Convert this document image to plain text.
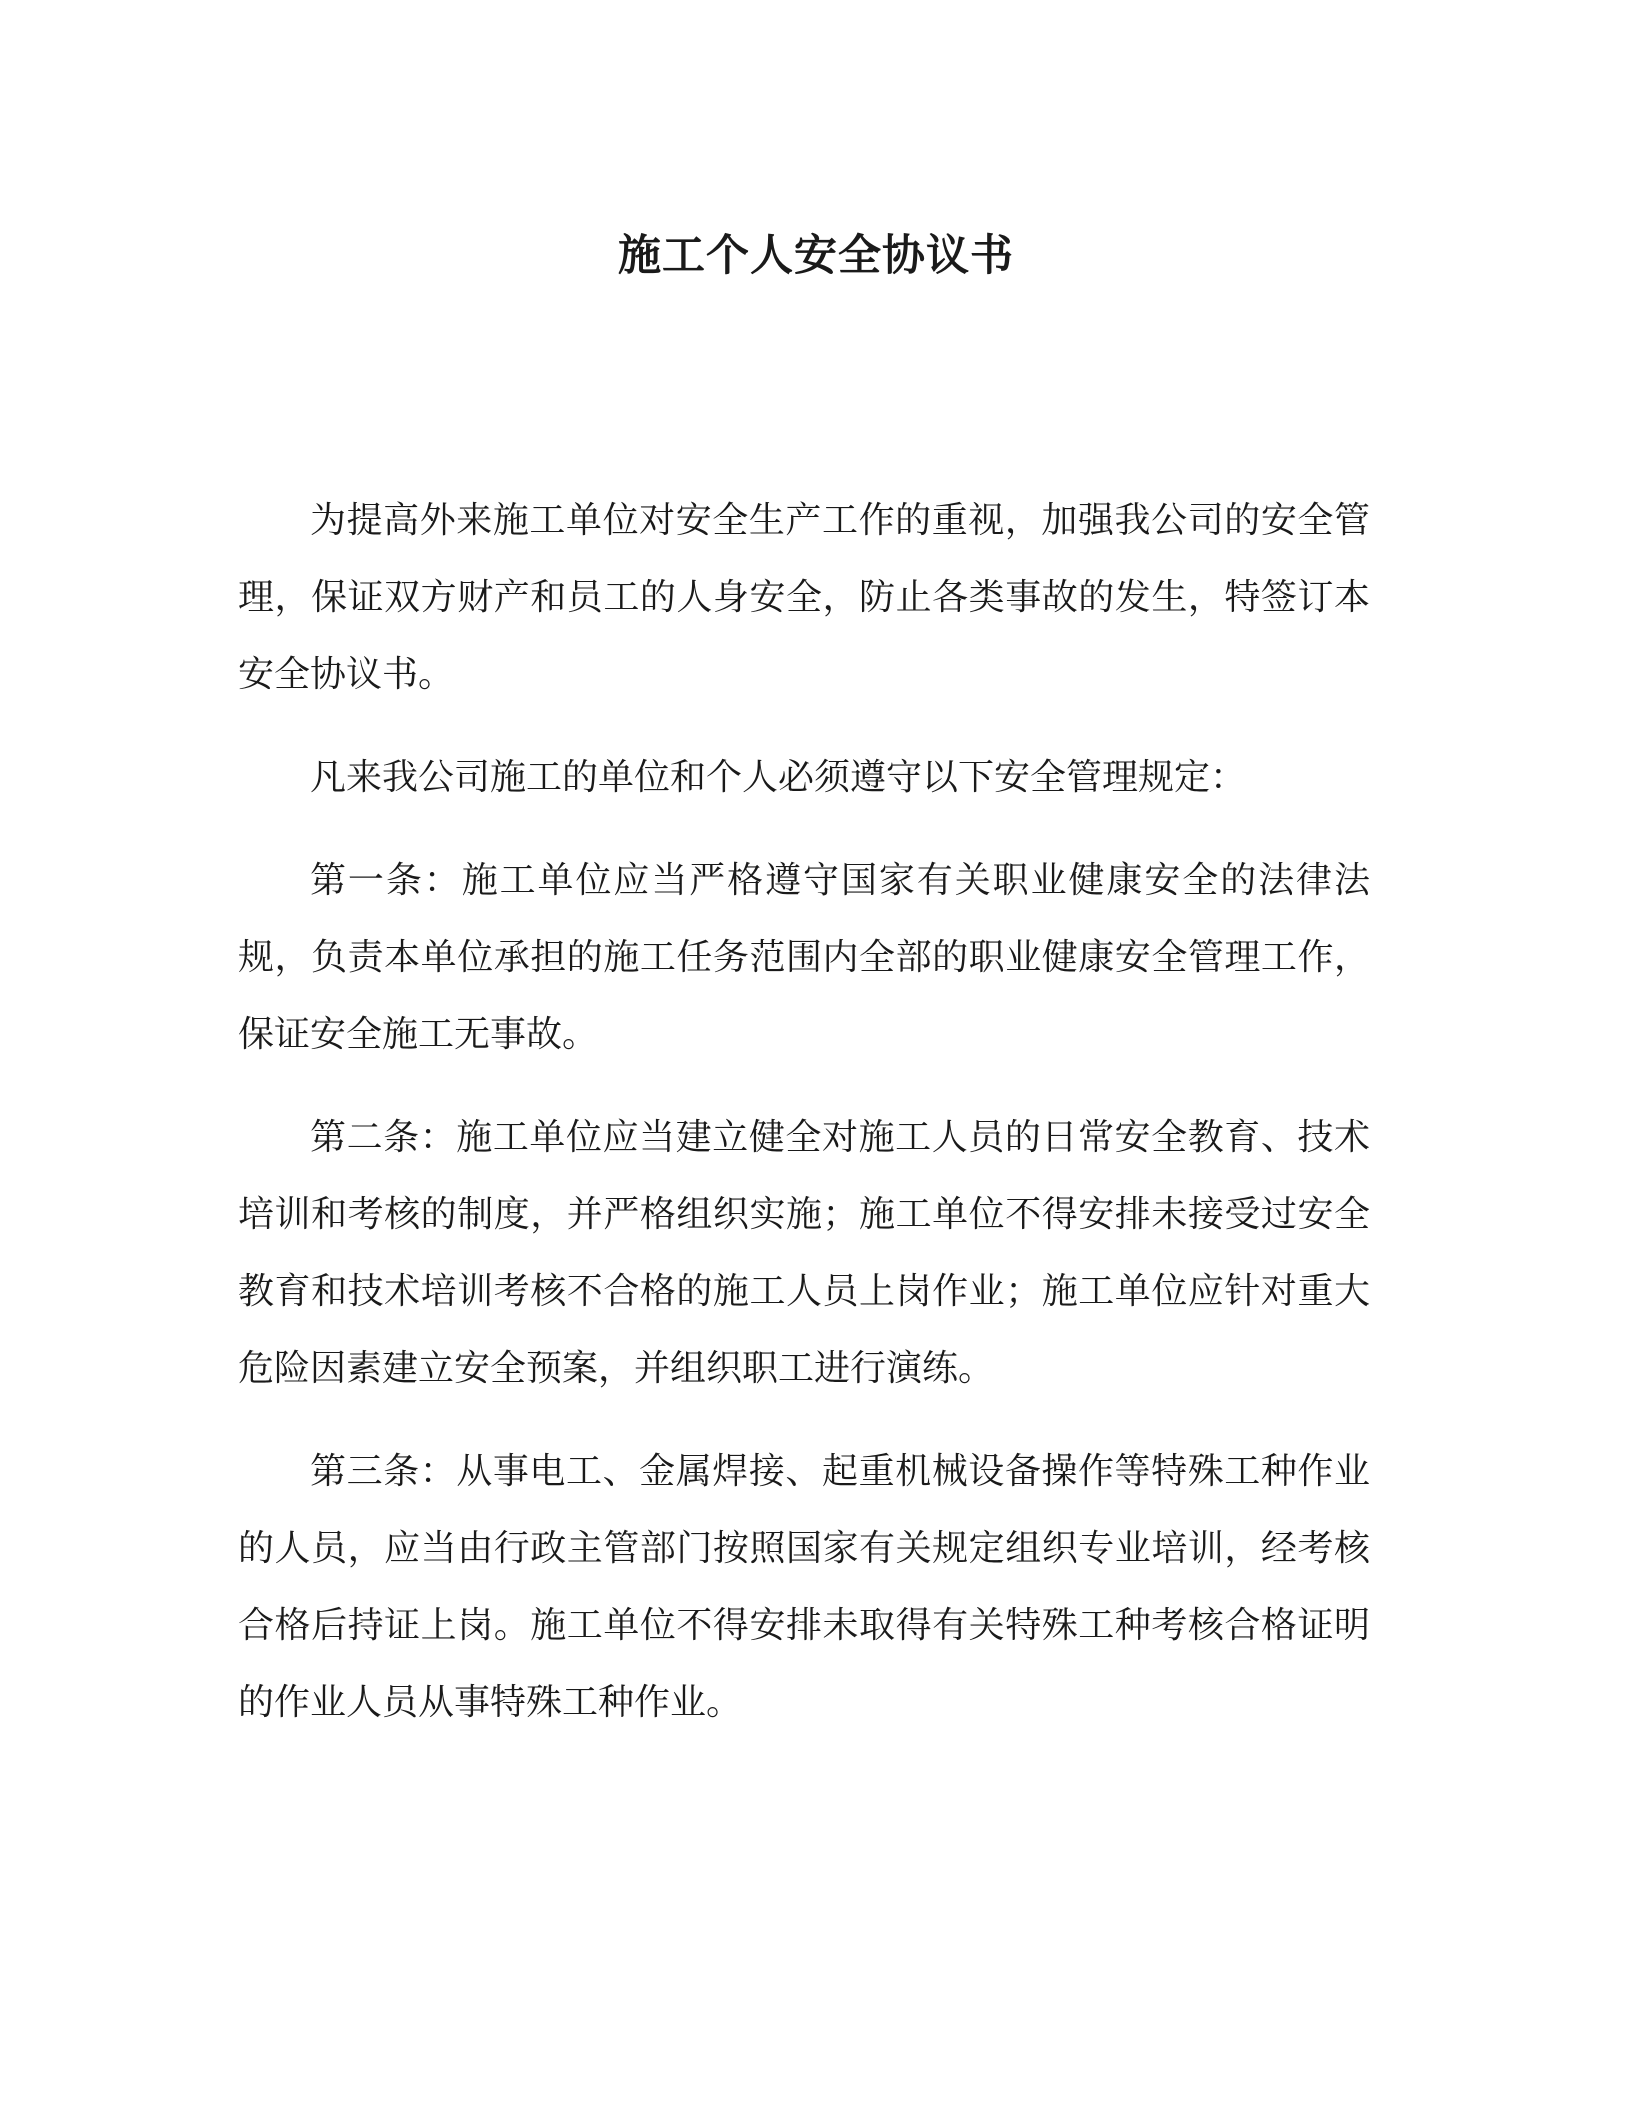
施工个人安全协议书

为提高外来施工单位对安全生产工作的重视，加强我公司的安全管理，保证双方财产和员工的人身安全，防止各类事故的发生，特签订本安全协议书。

凡来我公司施工的单位和个人必须遵守以下安全管理规定：

第一条：施工单位应当严格遵守国家有关职业健康安全的法律法规，负责本单位承担的施工任务范围内全部的职业健康安全管理工作，保证安全施工无事故。

第二条：施工单位应当建立健全对施工人员的日常安全教育、技术培训和考核的制度，并严格组织实施；施工单位不得安排未接受过安全教育和技术培训考核不合格的施工人员上岗作业；施工单位应针对重大危险因素建立安全预案，并组织职工进行演练。

第三条：从事电工、金属焊接、起重机械设备操作等特殊工种作业的人员，应当由行政主管部门按照国家有关规定组织专业培训，经考核合格后持证上岗。施工单位不得安排未取得有关特殊工种考核合格证明的作业人员从事特殊工种作业。
